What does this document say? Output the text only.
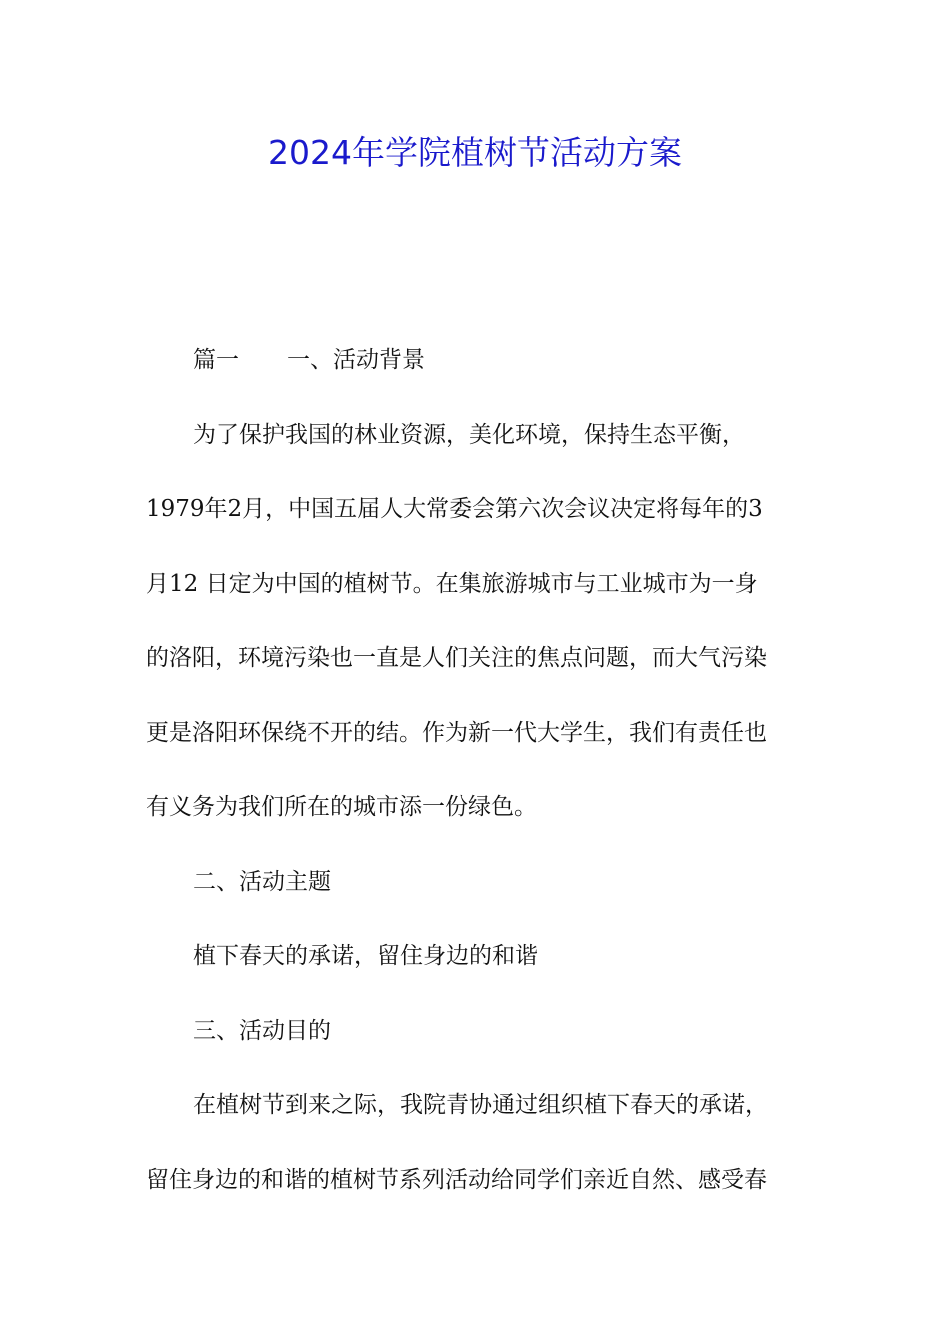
2024年学院植树节活动方案
篇一 一、活动背景
为了保护我国的林业资源，美化环境，保持生态平衡，
1979年2月，中国五届人大常委会第六次会议决定将每年的3
月12 日定为中国的植树节。在集旅游城市与工业城市为一身
的洛阳，环境污染也一直是人们关注的焦点问题，而大气污染
更是洛阳环保绕不开的结。作为新一代大学生，我们有责任也
有义务为我们所在的城市添一份绿色。
二、活动主题
植下春天的承诺，留住身边的和谐
三、活动目的
在植树节到来之际，我院青协通过组织植下春天的承诺，
留住身边的和谐的植树节系列活动给同学们亲近自然、感受春
